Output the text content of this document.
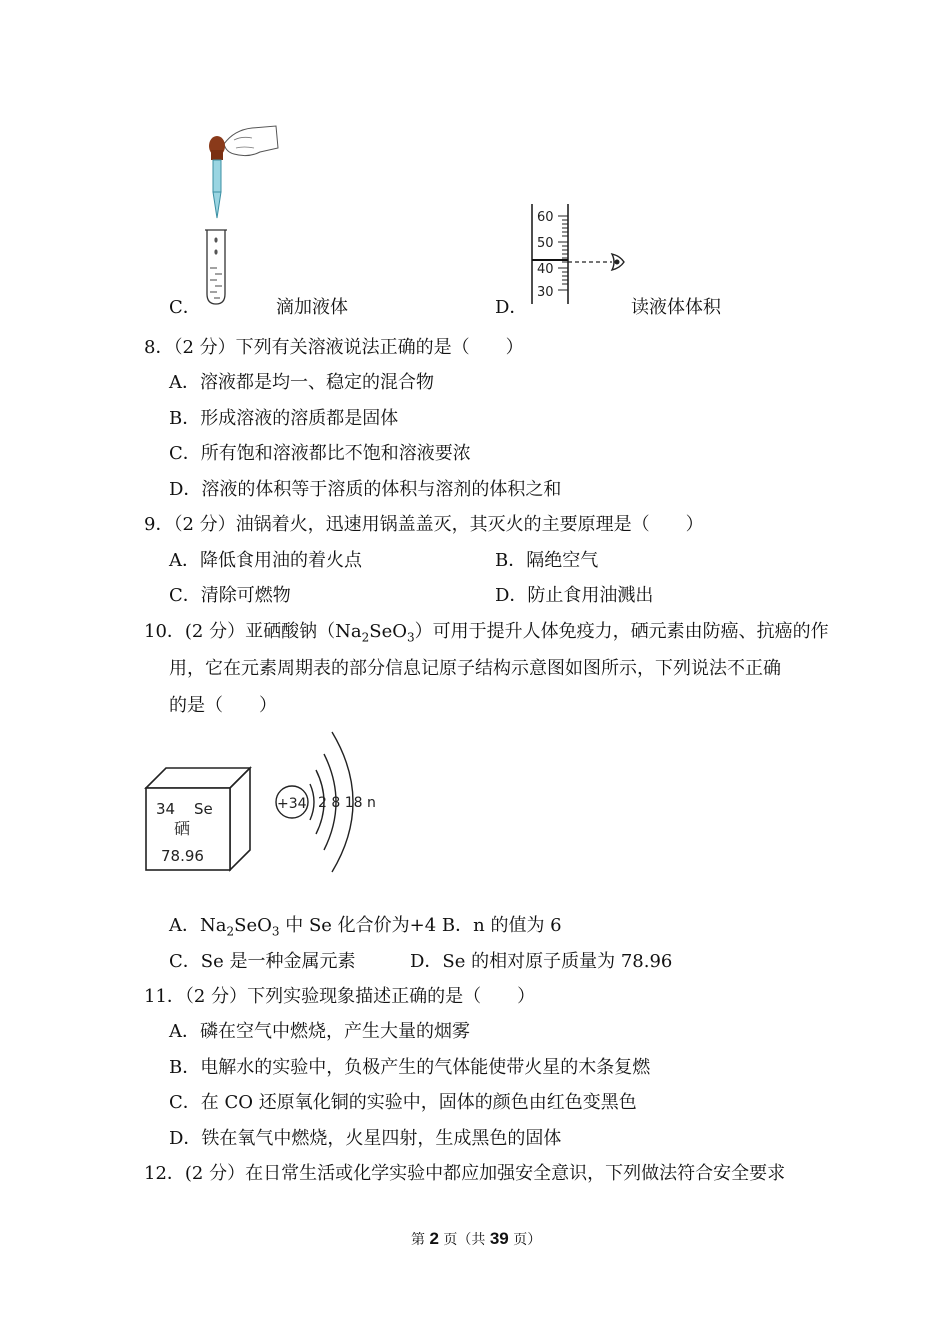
60
50
40
30
C．	滴加液体	D．	读液体体积
8．（2 分）下列有关溶液说法正确的是（　　）
A．溶液都是均一、稳定的混合物
B．形成溶液的溶质都是固体
C．所有饱和溶液都比不饱和溶液要浓
D．溶液的体积等于溶质的体积与溶剂的体积之和
9．（2 分）油锅着火，迅速用锅盖盖灭，其灭火的主要原理是（　　）
A．降低食用油的着火点	B．隔绝空气
C．清除可燃物	D．防止食用油溅出
10．(2 分）亚硒酸钠$(Na_2SeO_3)$可用于提升人体免疫力，硒元素由防癌、抗癌的作
用，它在元素周期表的部分信息记原子结构示意图如图所示，下列说法不正确
的是（　　）
34 Se
硒
78.96
+34 2 8 18 n
A．$Na_2SeO_3$ 中 Se 化合价为+4 B．n 的值为 6
C．Se 是一种金属元素	D．Se 的相对原子质量为 78.96
11．（2 分）下列实验现象描述正确的是（　　）
A．磷在空气中燃烧，产生大量的烟雾
B．电解水的实验中，负极产生的气体能使带火星的木条复燃
C．在 CO 还原氧化铜的实验中，固体的颜色由红色变黑色
D．铁在氧气中燃烧，火星四射，生成黑色的固体
12．(2 分）在日常生活或化学实验中都应加强安全意识，下列做法符合安全要求
第 2 页（共 39 页）
